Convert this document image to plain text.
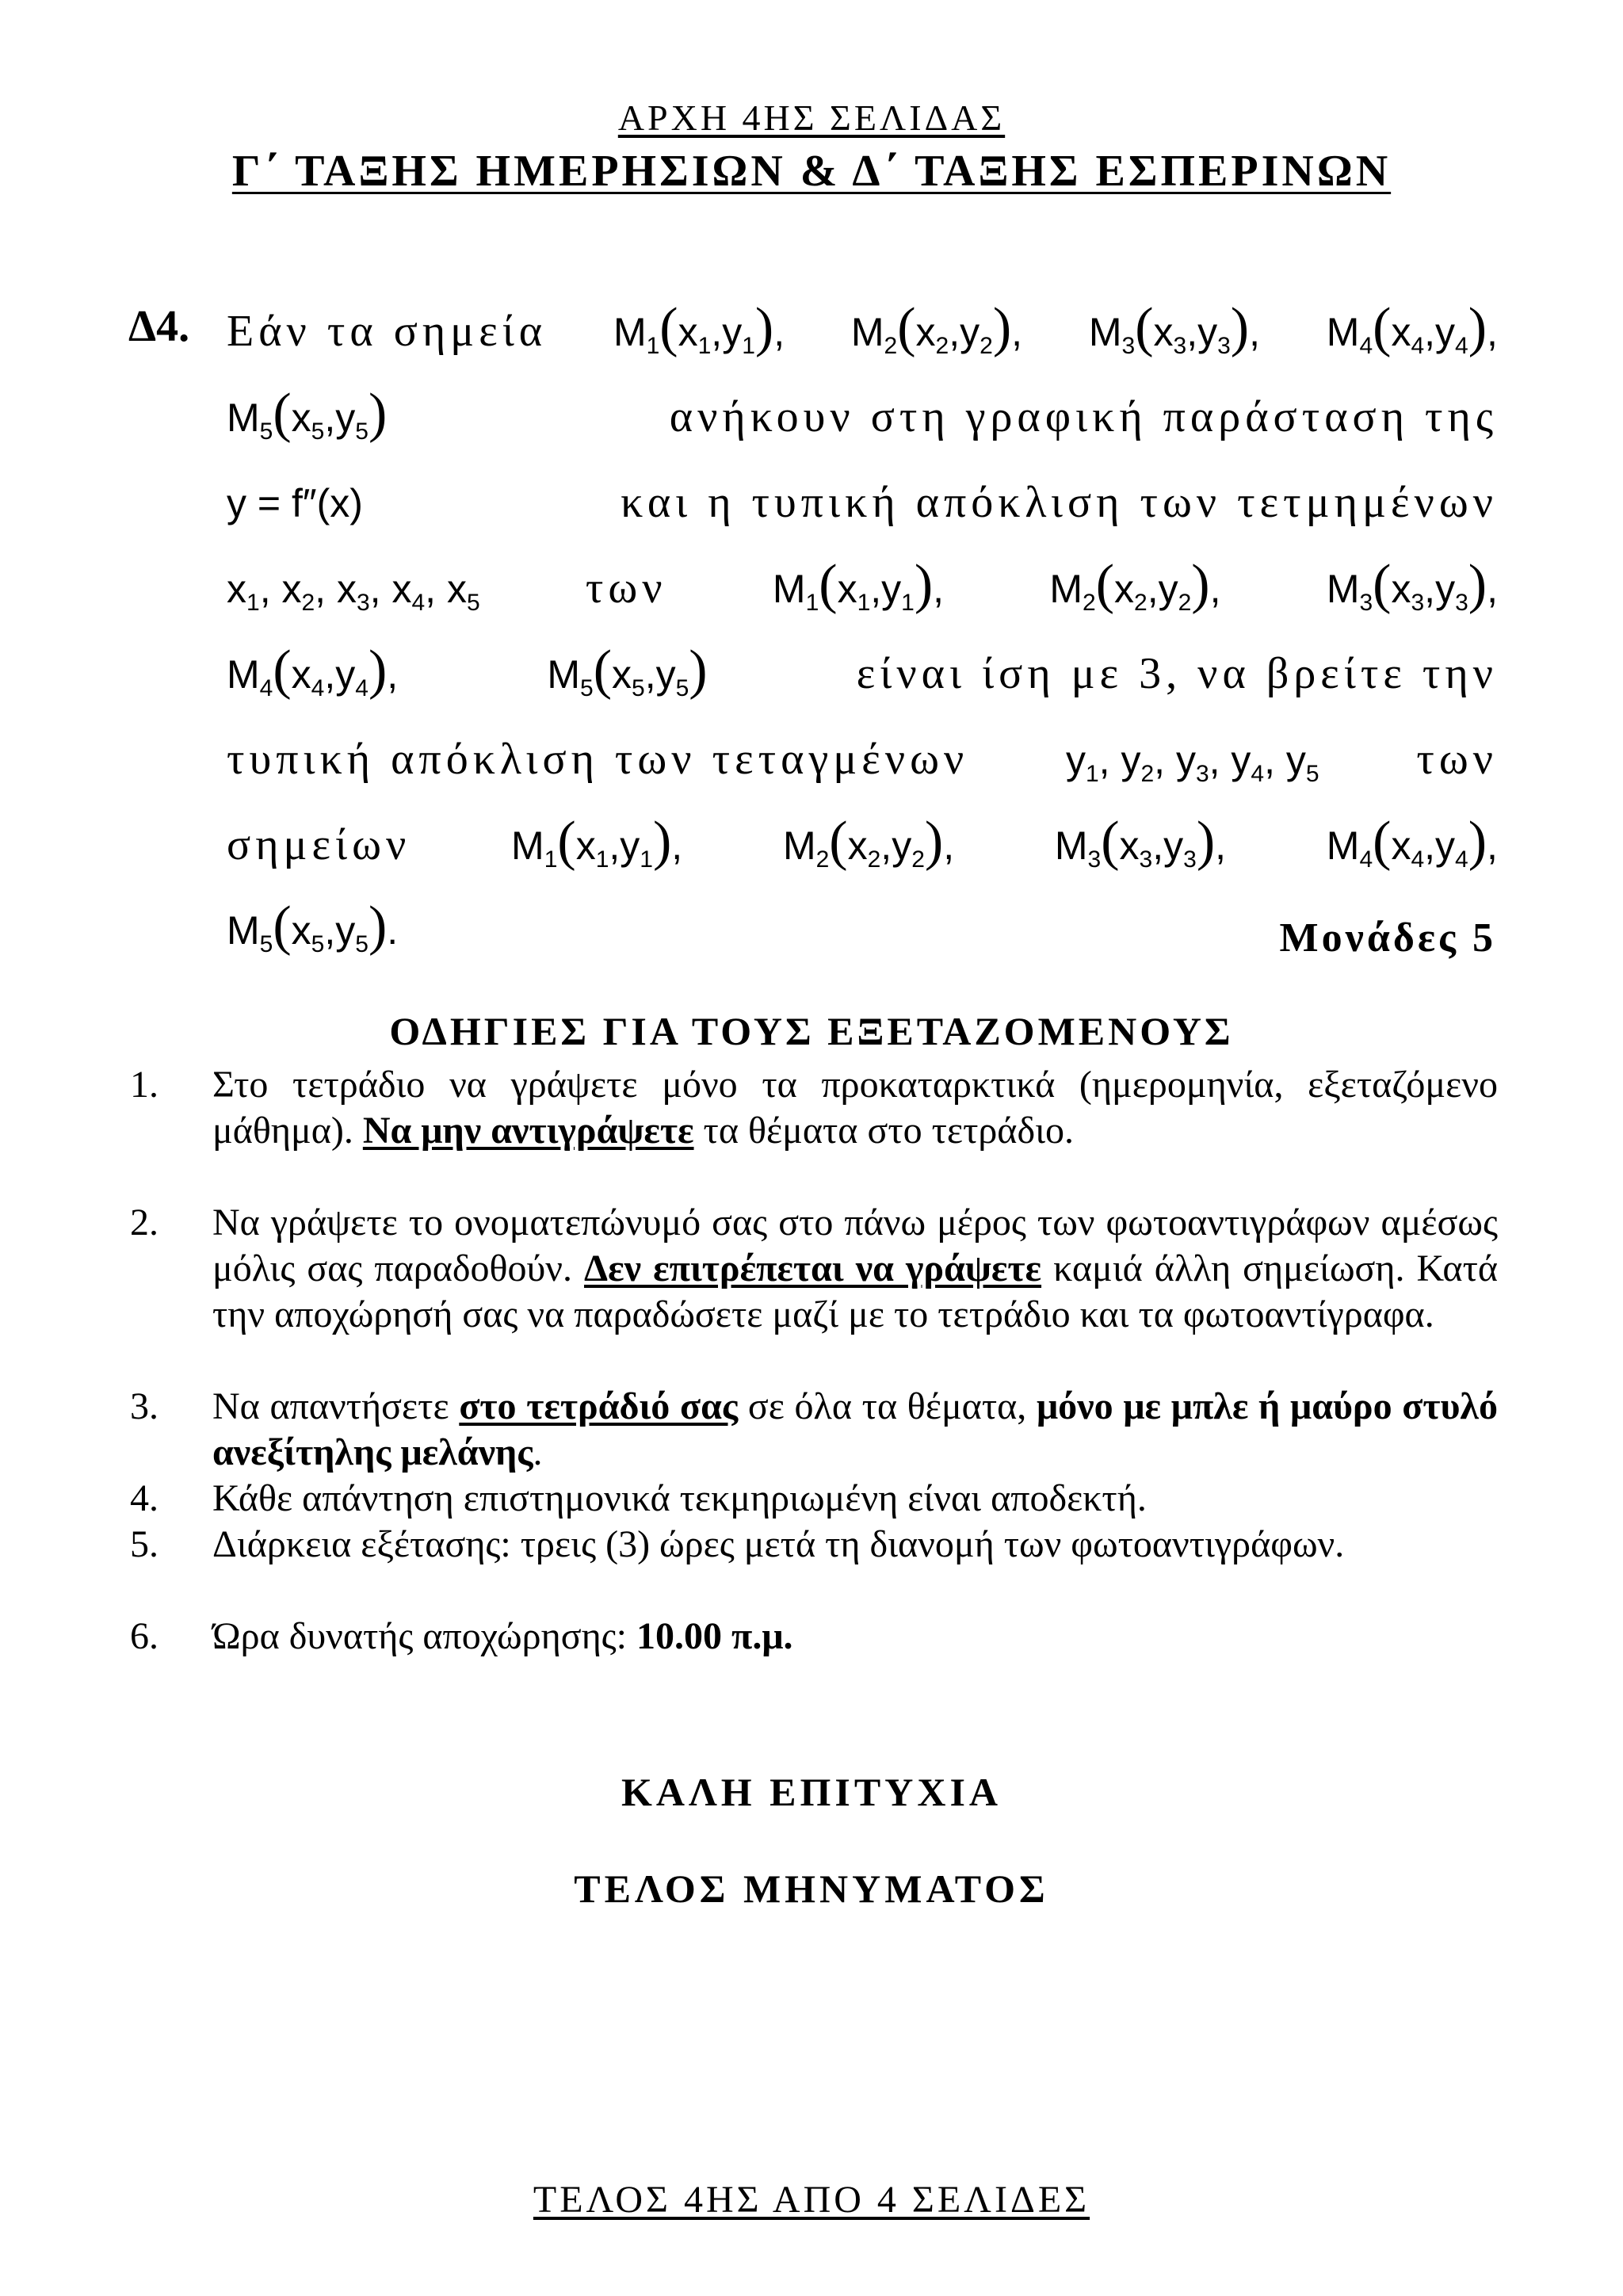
ΑΡΧΗ 4ΗΣ ΣΕΛΙΔΑΣ
Γ΄ ΤΑΞΗΣ ΗΜΕΡΗΣΙΩΝ & Δ΄ ΤΑΞΗΣ ΕΣΠΕΡΙΝΩΝ
Δ4. Εάν τα σημεία $M_1(x_1,y_1)$, $M_2(x_2,y_2)$, $M_3(x_3,y_3)$, $M_4(x_4,y_4)$,
$M_5(x_5,y_5)$	ανήκουν στη γραφική παράσταση της
y = f″(x)	και η τυπική απόκλιση των τετμημένων
$x_1$, $x_2$, $x_3$, $x_4$, $x_5$ των	$M_1(x_1,y_1)$,	$M_2(x_2,y_2)$,	$M_3(x_3,y_3)$,
$M_4(x_4,y_4)$,	$M_5(x_5,y_5)$	είναι ίση με 3, να βρείτε την
τυπική απόκλιση των τεταγμένων $y_1$, $y_2$, $y_3$, $y_4$, $y_5$ των
σημείων	$M_1(x_1,y_1)$,	$M_2(x_2,y_2)$,	$M_3(x_3,y_3)$,	$M_4(x_4,y_4)$,
$M_5(x_5,y_5)$.	Μονάδες 5
ΟΔΗΓΙΕΣ ΓΙΑ ΤΟΥΣ ΕΞΕΤΑΖΟΜΕΝΟΥΣ
1. Στο τετράδιο να γράψετε μόνο τα προκαταρκτικά (ημερομηνία, εξεταζόμενο μάθημα). Να μην αντιγράψετε τα θέματα στο τετράδιο.
2. Να γράψετε το ονοματεπώνυμό σας στο πάνω μέρος των φωτοαντιγράφων αμέσως μόλις σας παραδοθούν. Δεν επιτρέπεται να γράψετε καμιά άλλη σημείωση. Κατά την αποχώρησή σας να παραδώσετε μαζί με το τετράδιο και τα φωτοαντίγραφα.
3. Να απαντήσετε στο τετράδιό σας σε όλα τα θέματα, μόνο με μπλε ή μαύρο στυλό ανεξίτηλης μελάνης.
4. Κάθε απάντηση επιστημονικά τεκμηριωμένη είναι αποδεκτή.
5. Διάρκεια εξέτασης: τρεις (3) ώρες μετά τη διανομή των φωτοαντιγράφων.
6. Ώρα δυνατής αποχώρησης: 10.00 π.μ.
ΚΑΛΗ ΕΠΙΤΥΧΙΑ
ΤΕΛΟΣ ΜΗΝΥΜΑΤΟΣ
ΤΕΛΟΣ 4ΗΣ ΑΠΟ 4 ΣΕΛΙΔΕΣ
